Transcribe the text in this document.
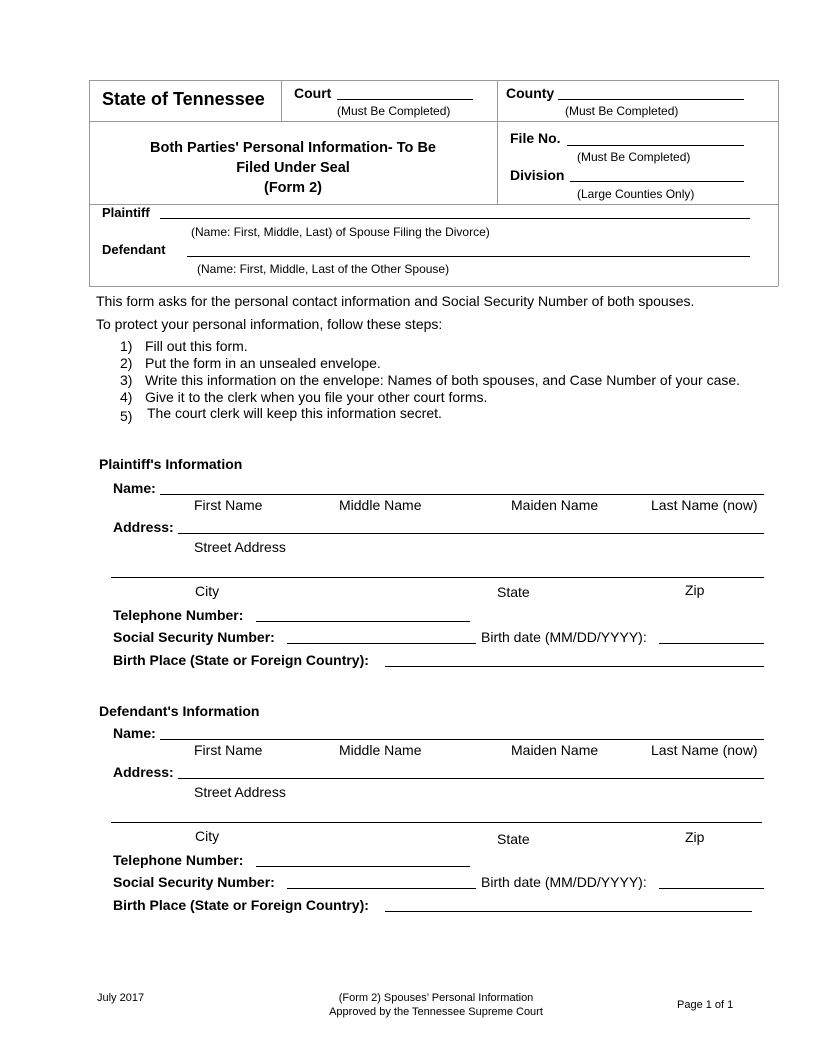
State of Tennessee Court
(Must Be Completed)
County
(Must Be Completed)
Both Parties' Personal Information- To Be
Filed Under Seal
(Form 2)
File No.
(Must Be Completed)
Division
(Large Counties Only)
Plaintiff
(Name: First, Middle, Last) of Spouse Filing the Divorce)
Defendant
(Name: First, Middle, Last of the Other Spouse)
This form asks for the personal contact information and Social Security Number of both spouses.
To protect your personal information, follow these steps:
1) Fill out this form.
2) Put the form in an unsealed envelope.
3) Write this information on the envelope: Names of both spouses, and Case Number of your case.
4) Give it to the clerk when you file your other court forms.
5) The court clerk will keep this information secret.
Plaintiff's Information
Name:
First Name	Middle Name	Maiden Name	Last Name (now)
Address:
Street Address
City	State	Zip
Telephone Number:
Social Security Number:	Birth date (MM/DD/YYYY):
Birth Place (State or Foreign Country):
Defendant's Information
Name:
First Name	Middle Name	Maiden Name	Last Name (now)
Address:
Street Address
City	State	Zip
Telephone Number:
Social Security Number:	Birth date (MM/DD/YYYY):
Birth Place (State or Foreign Country):
July 2017	(Form 2) Spouses’ Personal Information
Approved by the Tennessee Supreme Court
Page 1 of 1
